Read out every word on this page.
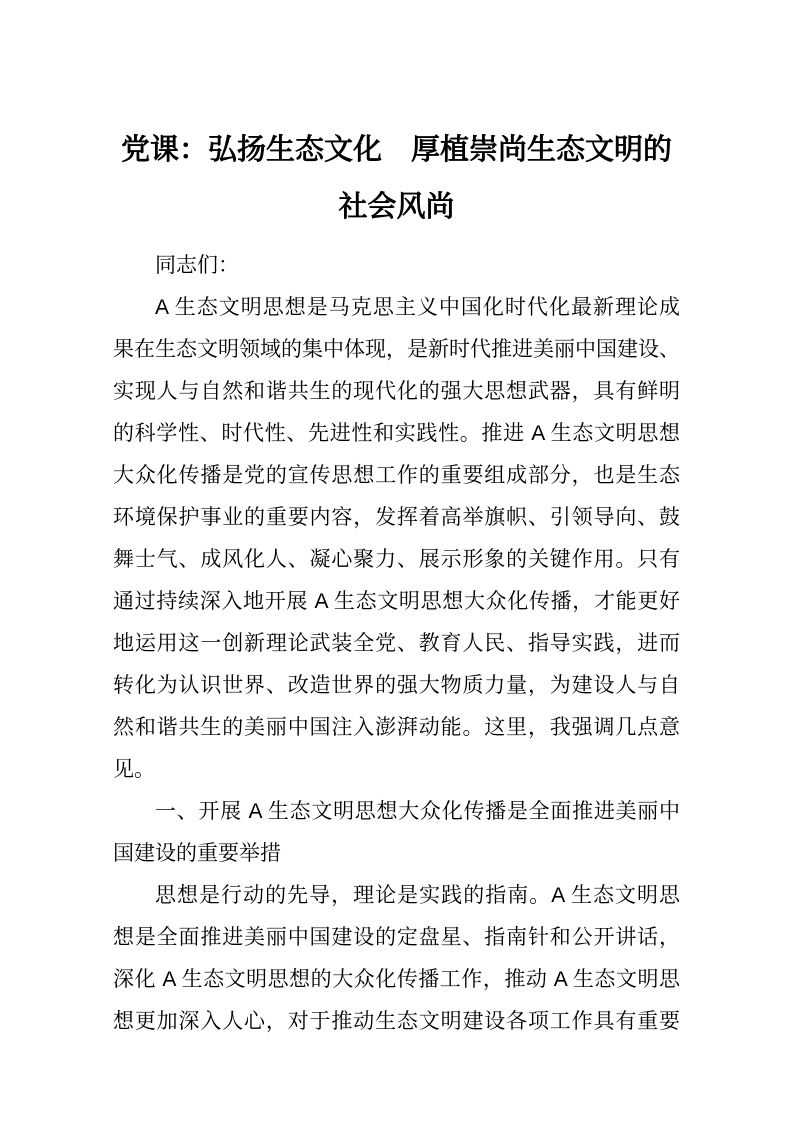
党课：弘扬生态文化　厚植崇尚生态文明的
社会风尚
同志们：
A 生态文明思想是马克思主义中国化时代化最新理论成
果在生态文明领域的集中体现，是新时代推进美丽中国建设、
实现人与自然和谐共生的现代化的强大思想武器，具有鲜明
的科学性、时代性、先进性和实践性。推进 A 生态文明思想
大众化传播是党的宣传思想工作的重要组成部分，也是生态
环境保护事业的重要内容，发挥着高举旗帜、引领导向、鼓
舞士气、成风化人、凝心聚力、展示形象的关键作用。只有
通过持续深入地开展 A 生态文明思想大众化传播，才能更好
地运用这一创新理论武装全党、教育人民、指导实践，进而
转化为认识世界、改造世界的强大物质力量，为建设人与自
然和谐共生的美丽中国注入澎湃动能。这里，我强调几点意
见。
一、开展 A 生态文明思想大众化传播是全面推进美丽中
国建设的重要举措
思想是行动的先导，理论是实践的指南。A 生态文明思
想是全面推进美丽中国建设的定盘星、指南针和公开讲话，
深化 A 生态文明思想的大众化传播工作，推动 A 生态文明思
想更加深入人心，对于推动生态文明建设各项工作具有重要
